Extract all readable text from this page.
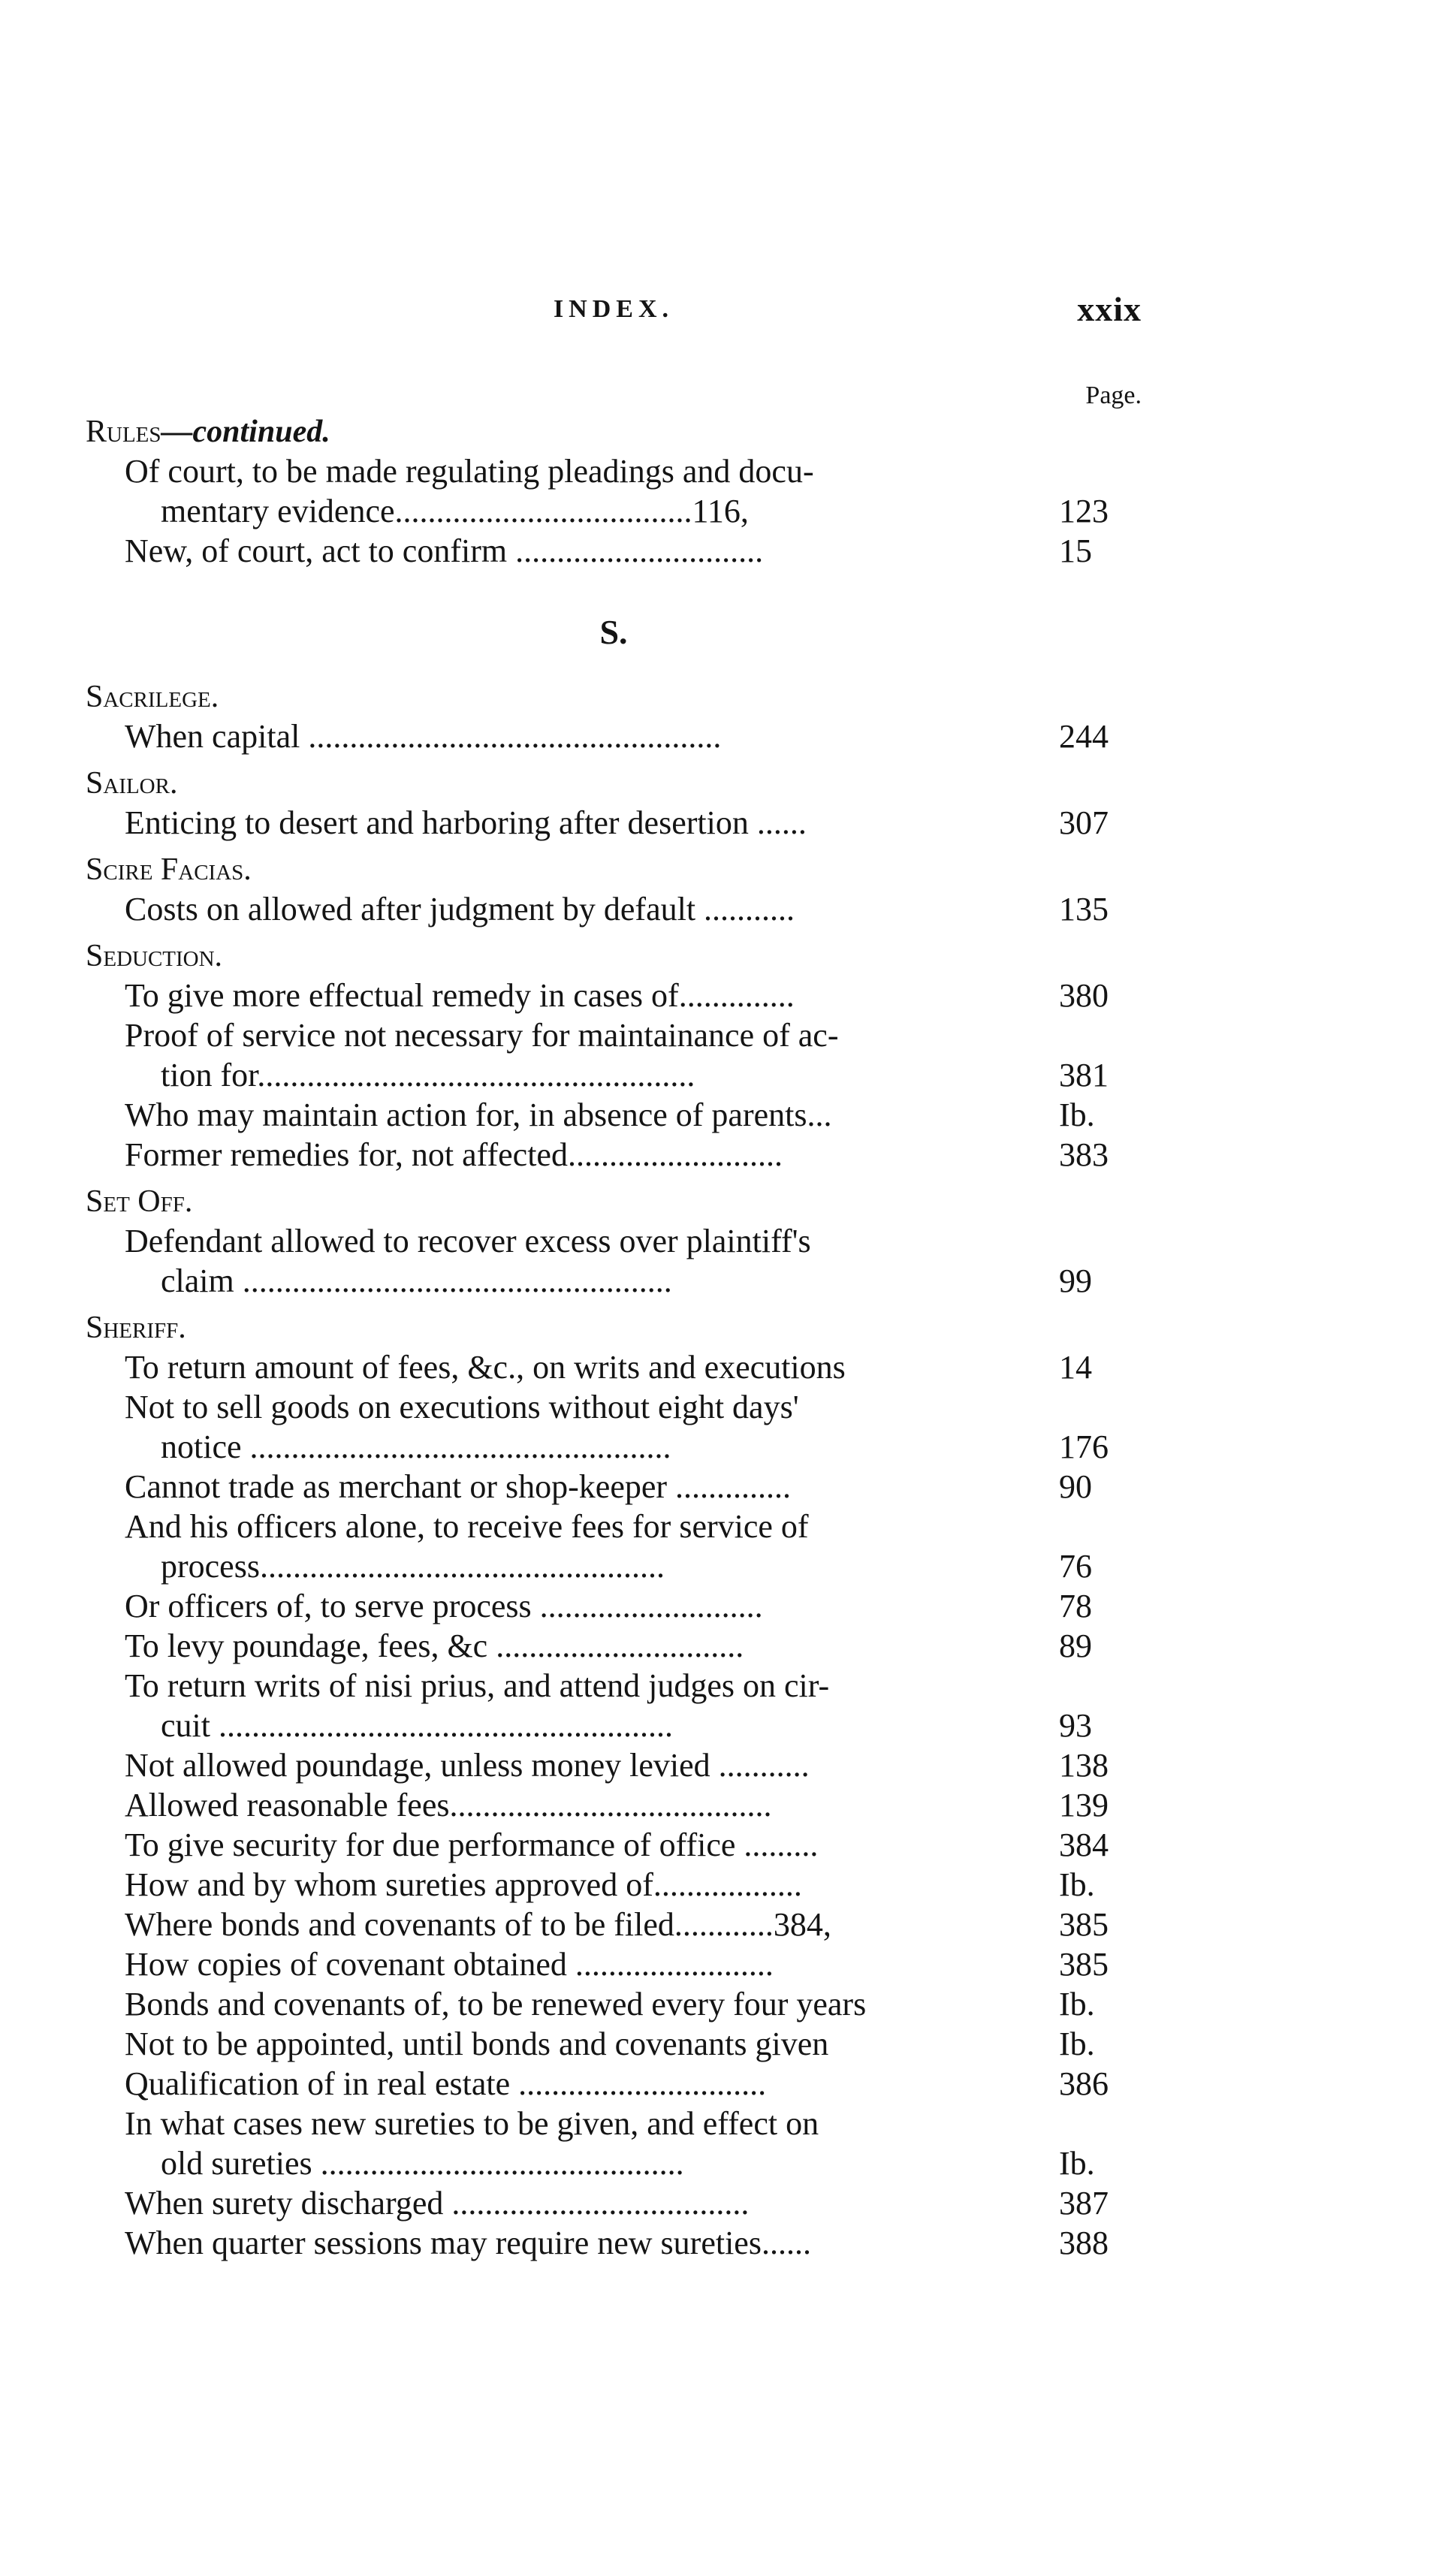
INDEX.	xxix
Page.
Rules—continued.
Of court, to be made regulating pleadings and docu-
mentary evidence....................................116,	123
New, of court, act to confirm ..............................	15
S.
Sacrilege.
When capital ..................................................	244
Sailor.
Enticing to desert and harboring after desertion ......	307
Scire Facias.
Costs on allowed after judgment by default ...........	135
Seduction.
To give more effectual remedy in cases of..............	380
Proof of service not necessary for maintainance of ac-
tion for.....................................................	381
Who may maintain action for, in absence of parents...	Ib.
Former remedies for, not affected..........................	383
Set Off.
Defendant allowed to recover excess over plaintiff's
claim ....................................................	99
Sheriff.
To return amount of fees, &c., on writs and executions	14
Not to sell goods on executions without eight days'
notice ...................................................	176
Cannot trade as merchant or shop-keeper ..............	90
And his officers alone, to receive fees for service of
process.................................................	76
Or officers of, to serve process ...........................	78
To levy poundage, fees, &c ..............................	89
To return writs of nisi prius, and attend judges on cir-
cuit .......................................................	93
Not allowed poundage, unless money levied ...........	138
Allowed reasonable fees.......................................	139
To give security for due performance of office .........	384
How and by whom sureties approved of..................	Ib.
Where bonds and covenants of to be filed............384,	385
How copies of covenant obtained ........................	385
Bonds and covenants of, to be renewed every four years	Ib.
Not to be appointed, until bonds and covenants given	Ib.
Qualification of in real estate ..............................	386
In what cases new sureties to be given, and effect on
old sureties ............................................	Ib.
When surety discharged ....................................	387
When quarter sessions may require new sureties......	388
